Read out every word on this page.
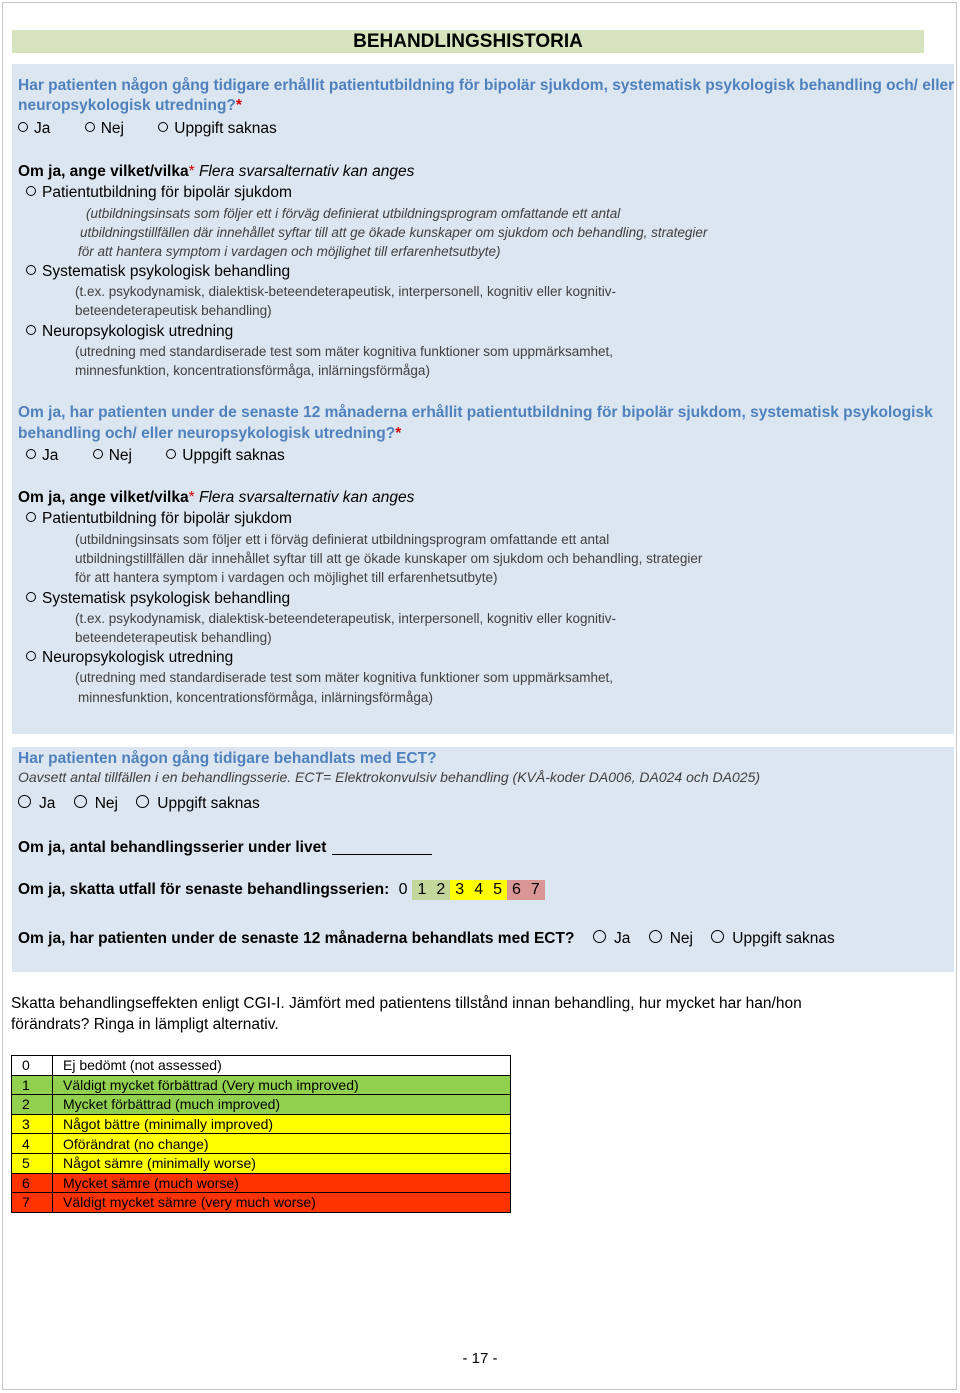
BEHANDLINGSHISTORIA
Har patienten någon gång tidigare erhållit patientutbildning för bipolär sjukdom, systematisk psykologisk behandling och/ eller
neuropsykologisk utredning?*
Ja	Nej	Uppgift saknas
Om ja, ange vilket/vilka* Flera svarsalternativ kan anges
Patientutbildning för bipolär sjukdom
(utbildningsinsats som följer ett i förväg definierat utbildningsprogram omfattande ett antal
utbildningstillfällen där innehållet syftar till att ge ökade kunskaper om sjukdom och behandling, strategier
för att hantera symptom i vardagen och möjlighet till erfarenhetsutbyte)
Systematisk psykologisk behandling
(t.ex. psykodynamisk, dialektisk-beteendeterapeutisk, interpersonell, kognitiv eller kognitiv-
beteendeterapeutisk behandling)
Neuropsykologisk utredning
(utredning med standardiserade test som mäter kognitiva funktioner som uppmärksamhet,
minnesfunktion, koncentrationsförmåga, inlärningsförmåga)
Om ja, har patienten under de senaste 12 månaderna erhållit patientutbildning för bipolär sjukdom, systematisk psykologisk
behandling och/ eller neuropsykologisk utredning?*
Ja	Nej	Uppgift saknas
Om ja, ange vilket/vilka* Flera svarsalternativ kan anges
Patientutbildning för bipolär sjukdom
(utbildningsinsats som följer ett i förväg definierat utbildningsprogram omfattande ett antal
utbildningstillfällen där innehållet syftar till att ge ökade kunskaper om sjukdom och behandling, strategier
för att hantera symptom i vardagen och möjlighet till erfarenhetsutbyte)
Systematisk psykologisk behandling
(t.ex. psykodynamisk, dialektisk-beteendeterapeutisk, interpersonell, kognitiv eller kognitiv-
beteendeterapeutisk behandling)
Neuropsykologisk utredning
(utredning med standardiserade test som mäter kognitiva funktioner som uppmärksamhet,
minnesfunktion, koncentrationsförmåga, inlärningsförmåga)
Har patienten någon gång tidigare behandlats med ECT?
Oavsett antal tillfällen i en behandlingsserie. ECT= Elektrokonvulsiv behandling (KVÅ-koder DA006, DA024 och DA025)
Ja	Nej	Uppgift saknas
Om ja, antal behandlingsserier under livet
Om ja, skatta utfall för senaste behandlingsserien: 0 1 2 3 4 5 6 7
Om ja, har patienten under de senaste 12 månaderna behandlats med ECT?	Ja	Nej	Uppgift saknas
Skatta behandlingseffekten enligt CGI-I. Jämfört med patientens tillstånd innan behandling, hur mycket har han/hon
förändrats? Ringa in lämpligt alternativ.
0	Ej bedömt (not assessed)
1	Väldigt mycket förbättrad (Very much improved)
2	Mycket förbättrad (much improved)
3	Något bättre (minimally improved)
4	Oförändrat (no change)
5	Något sämre (minimally worse)
6	Mycket sämre (much worse)
7	Väldigt mycket sämre (very much worse)
- 17 -
